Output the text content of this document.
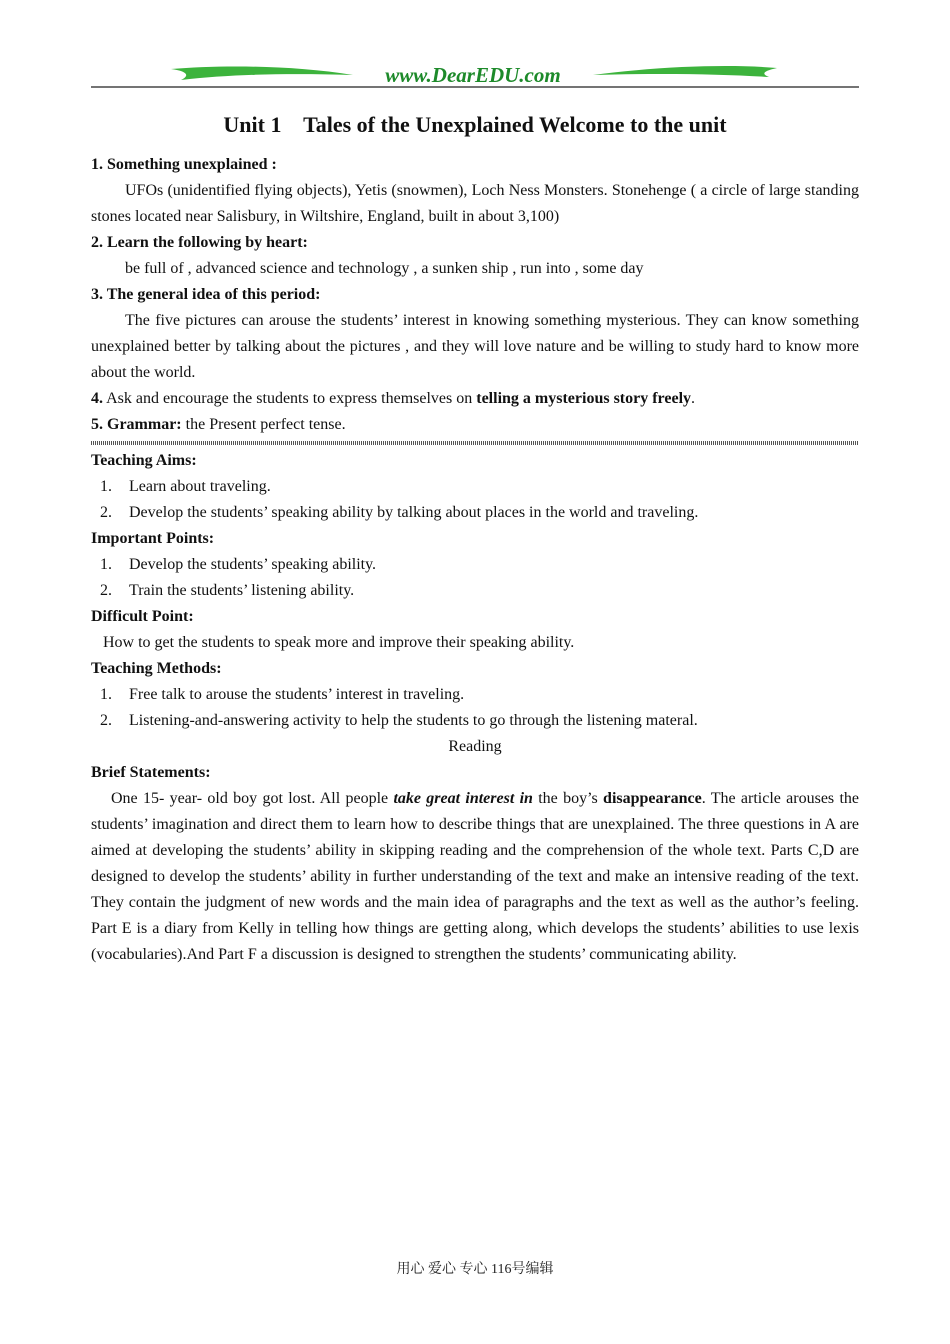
www.DearEDU.com
Unit 1    Tales of the Unexplained Welcome to the unit
1. Something unexplained :
UFOs (unidentified flying objects), Yetis (snowmen), Loch Ness Monsters. Stonehenge ( a circle of large standing stones located near Salisbury, in Wiltshire, England, built in about 3,100)
2. Learn the following by heart:
be full of , advanced science and technology , a sunken ship , run into , some day
3. The general idea of this period:
The five pictures can arouse the students’ interest in knowing something mysterious. They can know something unexplained better by talking about the pictures , and they will love nature and be willing to study hard to know more about the world.
4. Ask and encourage the students to express themselves on telling a mysterious story freely.
5. Grammar: the Present perfect tense.
Teaching Aims:
1. Learn about traveling.
2. Develop the students’ speaking ability by talking about places in the world and traveling.
Important Points:
1. Develop the students’ speaking ability.
2. Train the students’ listening ability.
Difficult Point:
How to get the students to speak more and improve their speaking ability.
Teaching Methods:
1. Free talk to arouse the students’ interest in traveling.
2. Listening-and-answering activity to help the students to go through the listening materal.
Reading
Brief Statements:
One 15- year- old boy got lost. All people take great interest in the boy’s disappearance. The article arouses the students’ imagination and direct them to learn how to describe things that are unexplained. The three questions in A are aimed at developing the students’ ability in skipping reading and the comprehension of the whole text. Parts C,D are designed to develop the students’ ability in further understanding of the text and make an intensive reading of the text. They contain the judgment of new words and the main idea of paragraphs and the text as well as the author’s feeling. Part E is a diary from Kelly in telling how things are getting along, which develops the students’ abilities to use lexis (vocabularies).And Part F a discussion is designed to strengthen the students’ communicating ability.
用心 爱心 专心 116号编辑
